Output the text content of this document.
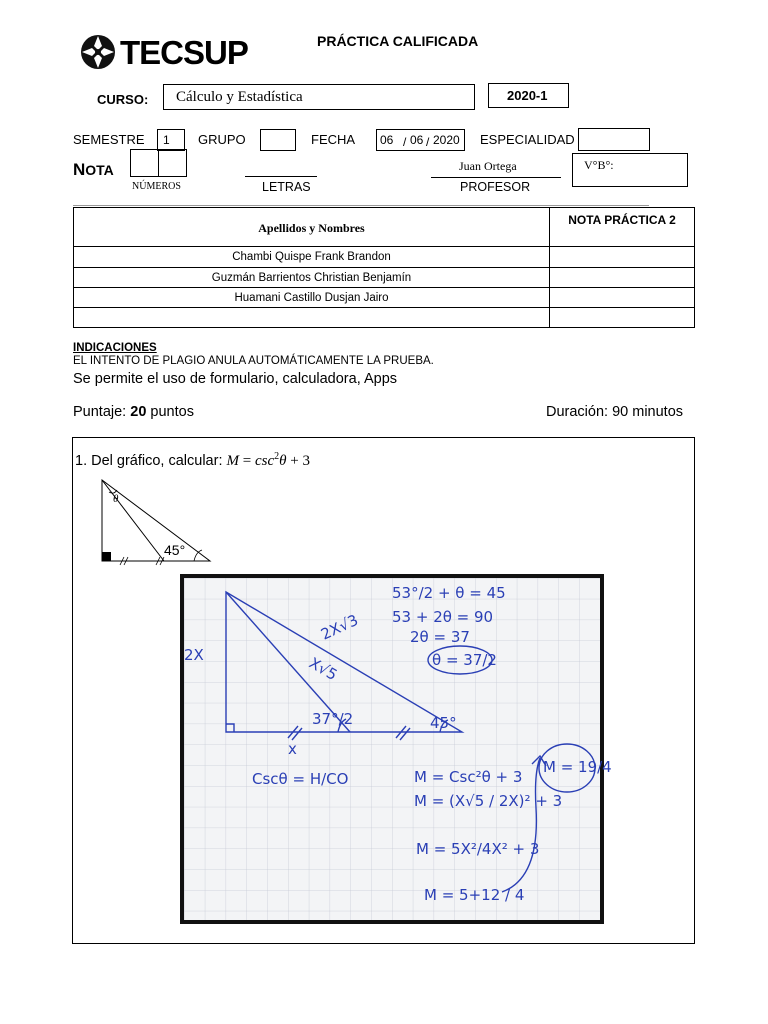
TECSUP	PRÁCTICA CALIFICADA
CURSO: Cálculo y Estadística	2020-1
SEMESTRE 1 GRUPO	FECHA 06 / 06 / 2020 ESPECIALIDAD
NOTA
NÚMEROS	LETRAS
Juan Ortega
PROFESOR
V°B°:
Apellidos y Nombres	NOTA PRÁCTICA 2
Chambi Quispe Frank Brandon	
Guzmán Barrientos Christian Benjamín	
Huamani Castillo Dusjan Jairo	

INDICACIONES
EL INTENTO DE PLAGIO ANULA AUTOMÁTICAMENTE LA PRUEBA.
Se permite el uso de formulario, calculadora, Apps
Puntaje: 20 puntos	Duración: 90 minutos
1. Del gráfico, calcular: $M = \csc^2\theta + 3$
θ
45°
2X
2X√3
X√5
37°/2	45°
x
53°/2 + θ = 45
53 + 2θ = 90
2θ = 37
θ = 37/2
Cscθ = H/CO	M = Csc²θ + 3
M = (X√5 / 2X)² + 3
M = 5X²/4X² + 3
M = 5+12 / 4
M = 19/4
